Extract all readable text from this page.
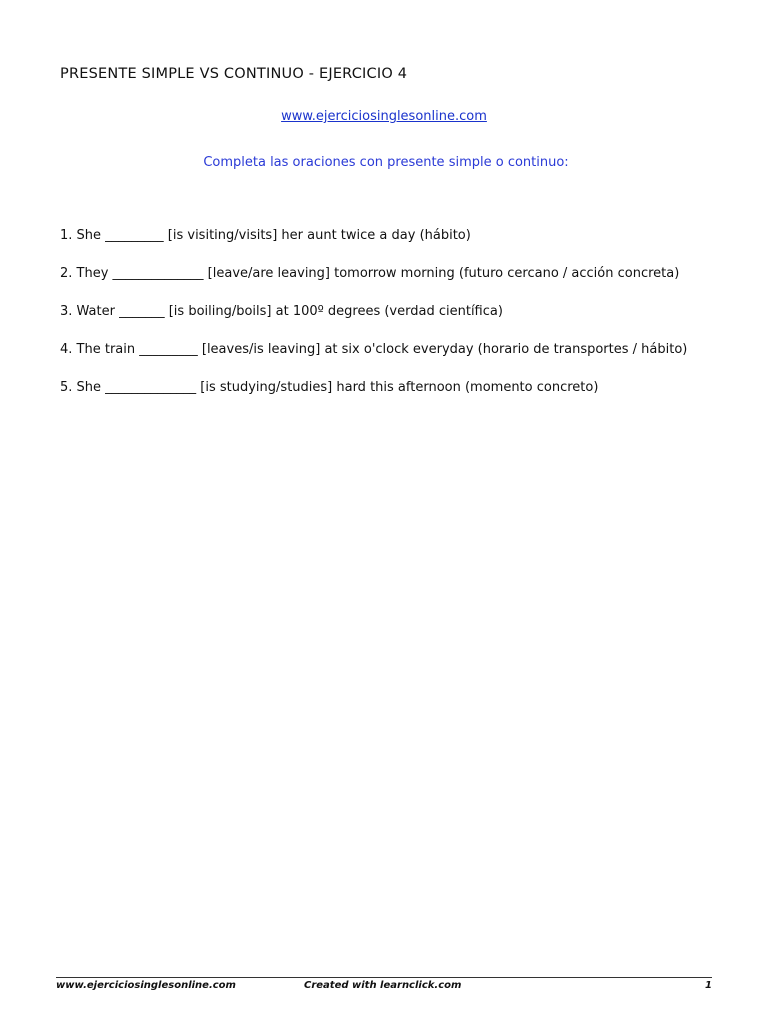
PRESENTE SIMPLE VS CONTINUO - EJERCICIO 4
www.ejerciciosinglesonline.com
Completa las oraciones con presente simple o continuo:

1. She _________ [is visiting/visits] her aunt twice a day (hábito)

2. They ______________ [leave/are leaving] tomorrow morning (futuro cercano / acción concreta)

3. Water _______ [is boiling/boils] at 100º degrees (verdad científica)

4. The train _________ [leaves/is leaving] at six o'clock everyday (horario de transportes / hábito)

5. She ______________ [is studying/studies] hard this afternoon (momento concreto)

www.ejerciciosinglesonline.com	Created with learnclick.com	1
